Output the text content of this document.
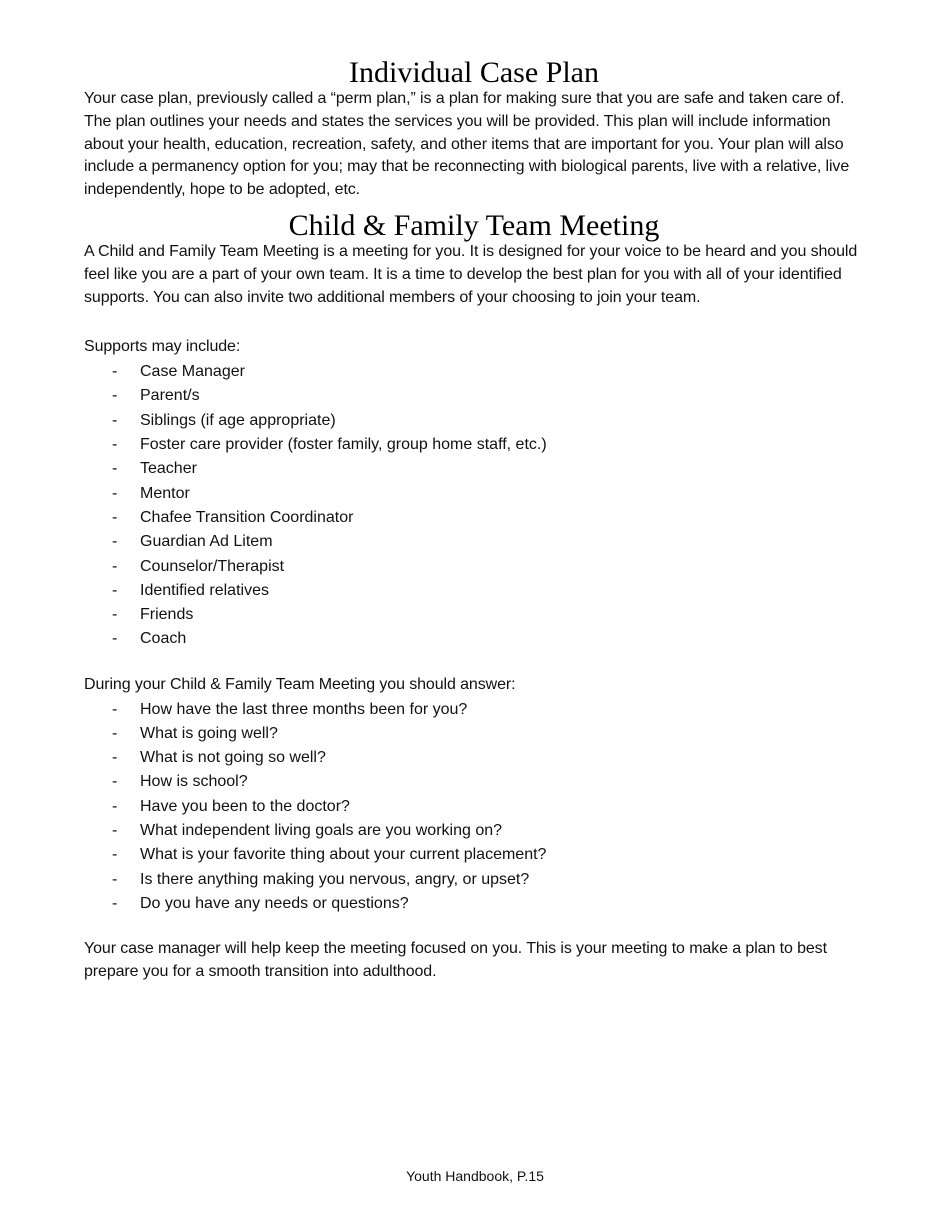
Individual Case Plan

Your case plan, previously called a “perm plan,” is a plan for making sure that you are safe and taken care of. The plan outlines your needs and states the services you will be provided. This plan will include information about your health, education, recreation, safety, and other items that are important for you. Your plan will also include a permanency option for you; may that be reconnecting with biological parents, live with a relative, live independently, hope to be adopted, etc.

Child & Family Team Meeting

A Child and Family Team Meeting is a meeting for you. It is designed for your voice to be heard and you should feel like you are a part of your own team. It is a time to develop the best plan for you with all of your identified supports. You can also invite two additional members of your choosing to join your team.

Supports may include:

- Case Manager
- Parent/s
- Siblings (if age appropriate)
- Foster care provider (foster family, group home staff, etc.)
- Teacher
- Mentor
- Chafee Transition Coordinator
- Guardian Ad Litem
- Counselor/Therapist
- Identified relatives
- Friends
- Coach

During your Child & Family Team Meeting you should answer:

- How have the last three months been for you?
- What is going well?
- What is not going so well?
- How is school?
- Have you been to the doctor?
- What independent living goals are you working on?
- What is your favorite thing about your current placement?
- Is there anything making you nervous, angry, or upset?
- Do you have any needs or questions?

Your case manager will help keep the meeting focused on you. This is your meeting to make a plan to best prepare you for a smooth transition into adulthood.

Youth Handbook, P.15
